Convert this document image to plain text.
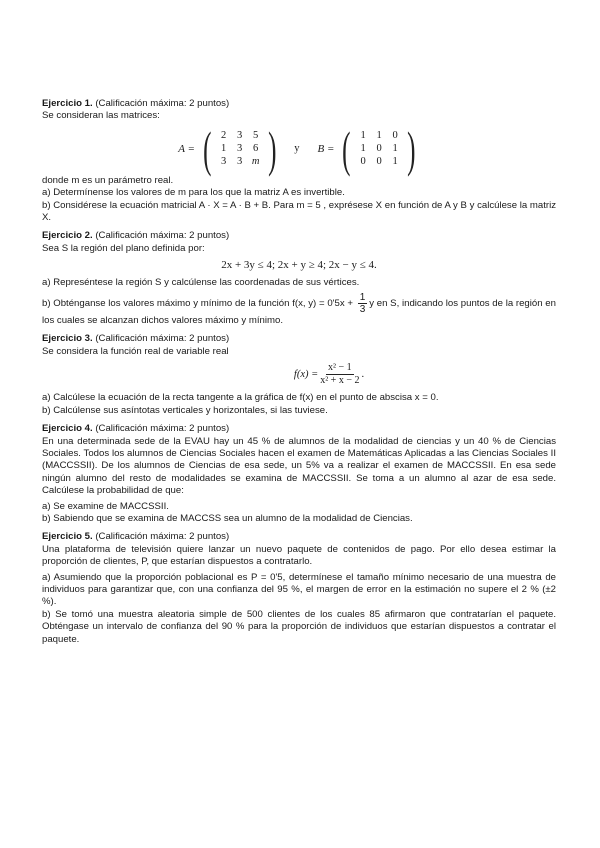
Ejercicio 1. (Calificación máxima: 2 puntos)

Se consideran las matrices:

A = ( 2	3	5
1	3	6
3	3 m ) y B = ( 1	1	0
1	0	1
0	0	1 )

donde m es un parámetro real.

a) Determínense los valores de m para los que la matriz A es invertible.

b) Considérese la ecuación matricial A · X = A · B + B. Para m = 5 , exprésese X en función de A y B y calcúlese la matriz X.

Ejercicio 2. (Calificación máxima: 2 puntos)

Sea S la región del plano definida por:

2x + 3y ≤ 4; 2x + y ≥ 4; 2x − y ≤ 4.

a) Represéntese la región S y calcúlense las coordenadas de sus vértices.

b) Obténganse los valores máximo y mínimo de la función f(x, $y) = 0'5x + \frac{1}{3}$ y en S, indicando los puntos de la región en los cuales se alcanzan dichos valores máximo y mínimo.

Ejercicio 3. (Calificación máxima: 2 puntos)

Se considera la función real de variable real

$f(x) = \frac{\text{x² − 1}}{\text{x² + x − 2}}$ .

a) Calcúlese la ecuación de la recta tangente a la gráfica de f(x) en el punto de abscisa x = 0.

b) Calcúlense sus asíntotas verticales y horizontales, si las tuviese.

Ejercicio 4. (Calificación máxima: 2 puntos)

En una determinada sede de la EVAU hay un 45 % de alumnos de la modalidad de ciencias y un 40 % de Ciencias Sociales. Todos los alumnos de Ciencias Sociales hacen el examen de Matemáticas Aplicadas a las Ciencias Sociales II (MACCSSII). De los alumnos de Ciencias de esa sede, un 5% va a realizar el examen de MACCSSII. En esa sede ningún alumno del resto de modalidades se examina de MACCSSII. Se toma a un alumno al azar de esa sede. Calcúlese la probabilidad de que:

a) Se examine de MACCSSII.

b) Sabiendo que se examina de MACCSS sea un alumno de la modalidad de Ciencias.

Ejercicio 5. (Calificación máxima: 2 puntos)

Una plataforma de televisión quiere lanzar un nuevo paquete de contenidos de pago. Por ello desea estimar la proporción de clientes, P, que estarían dispuestos a contratarlo.

a) Asumiendo que la proporción poblacional es P = 0'5, determínese el tamaño mínimo necesario de una muestra de individuos para garantizar que, con una confianza del 95 %, el margen de error en la estimación no supere el 2 % (±2 %).

b) Se tomó una muestra aleatoria simple de 500 clientes de los cuales 85 afirmaron que contratarían el paquete. Obténgase un intervalo de confianza del 90 % para la proporción de individuos que estarían dispuestos a contratar el paquete.
